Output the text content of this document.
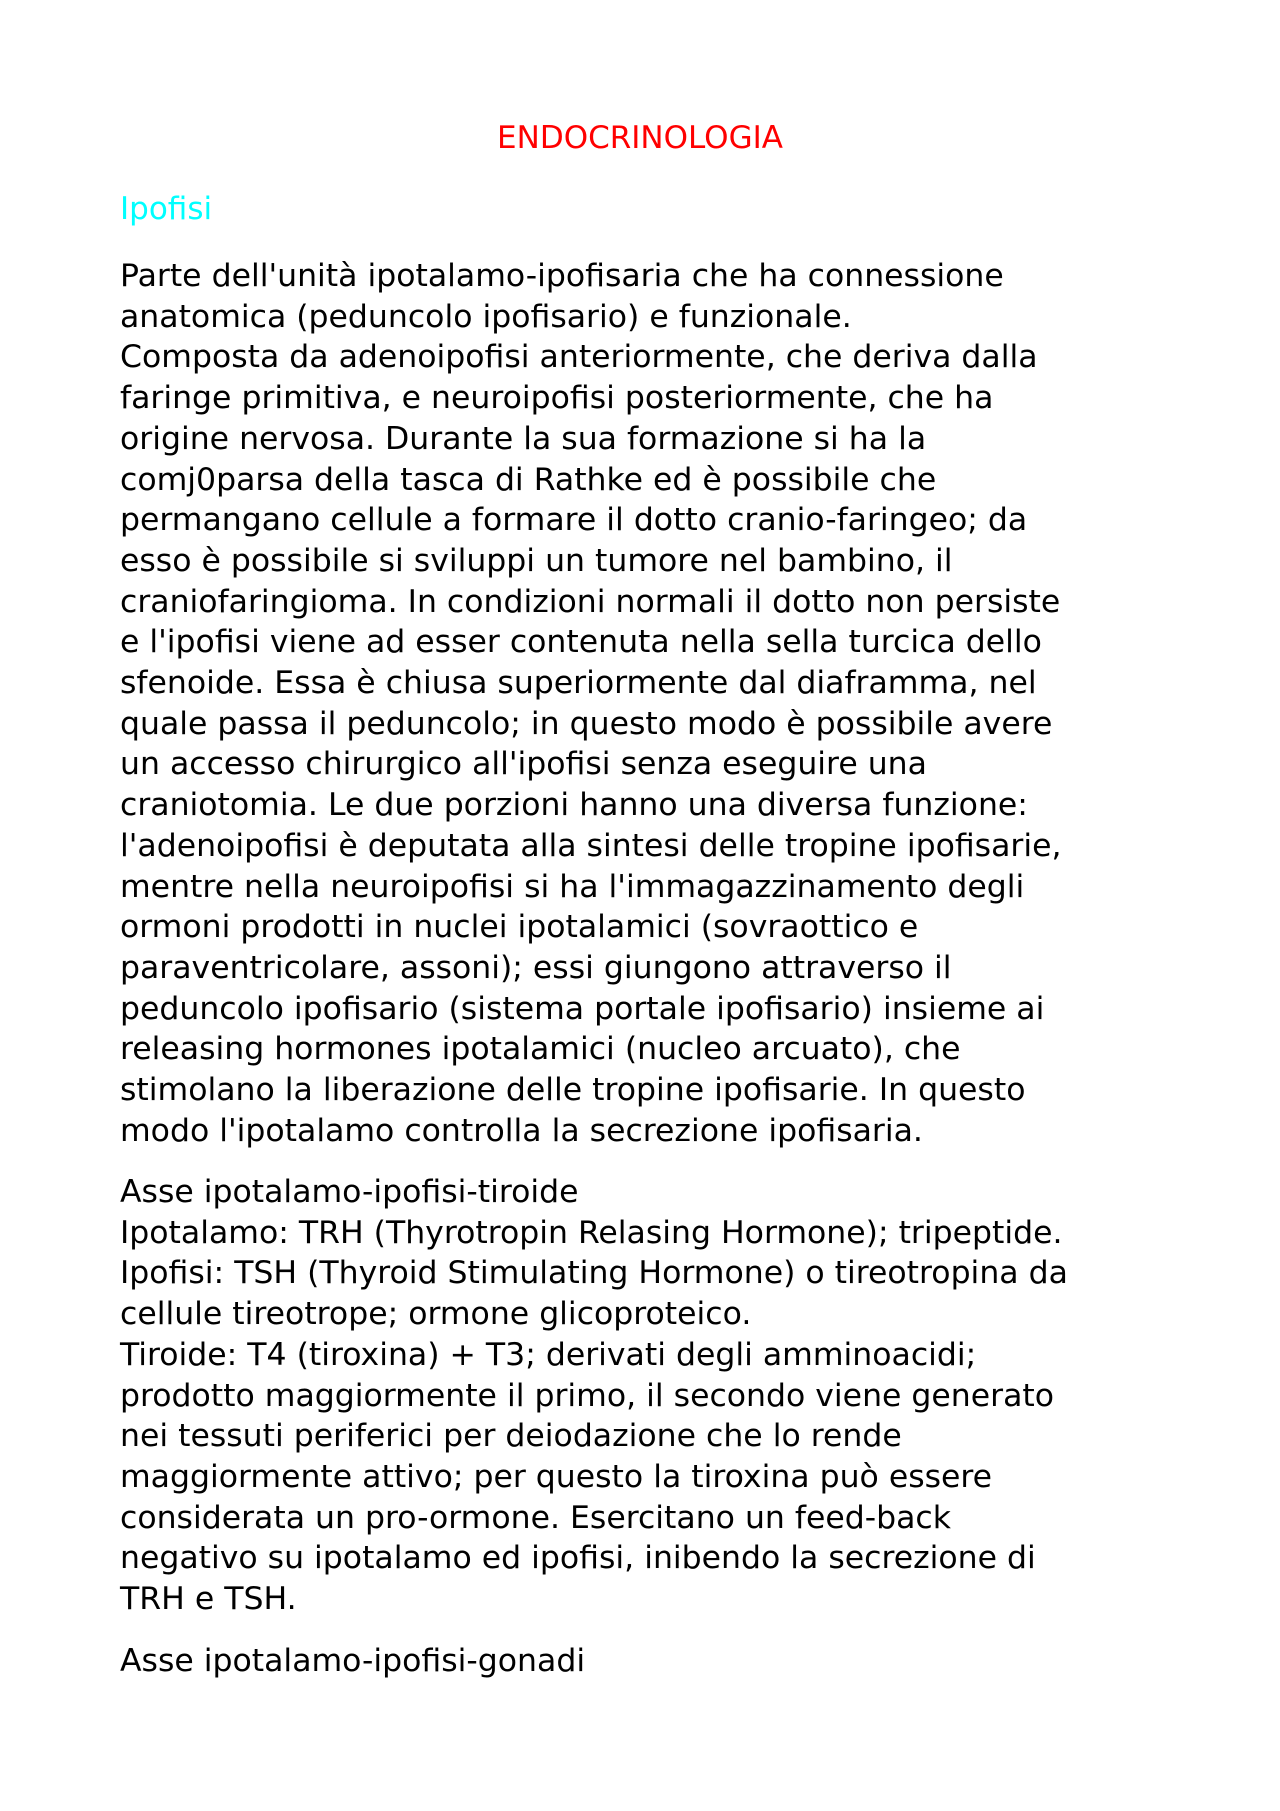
ENDOCRINOLOGIA
Ipofisi
Parte dell'unità ipotalamo-ipofisaria che ha connessione
anatomica (peduncolo ipofisario) e funzionale.
Composta da adenoipofisi anteriormente, che deriva dalla
faringe primitiva, e neuroipofisi posteriormente, che ha
origine nervosa. Durante la sua formazione si ha la
comj0parsa della tasca di Rathke ed è possibile che
permangano cellule a formare il dotto cranio-faringeo; da
esso è possibile si sviluppi un tumore nel bambino, il
craniofaringioma. In condizioni normali il dotto non persiste
e l'ipofisi viene ad esser contenuta nella sella turcica dello
sfenoide. Essa è chiusa superiormente dal diaframma, nel
quale passa il peduncolo; in questo modo è possibile avere
un accesso chirurgico all'ipofisi senza eseguire una
craniotomia. Le due porzioni hanno una diversa funzione:
l'adenoipofisi è deputata alla sintesi delle tropine ipofisarie,
mentre nella neuroipofisi si ha l'immagazzinamento degli
ormoni prodotti in nuclei ipotalamici (sovraottico e
paraventricolare, assoni); essi giungono attraverso il
peduncolo ipofisario (sistema portale ipofisario) insieme ai
releasing hormones ipotalamici (nucleo arcuato), che
stimolano la liberazione delle tropine ipofisarie. In questo
modo l'ipotalamo controlla la secrezione ipofisaria.
Asse ipotalamo-ipofisi-tiroide
Ipotalamo: TRH (Thyrotropin Relasing Hormone); tripeptide.
Ipofisi: TSH (Thyroid Stimulating Hormone) o tireotropina da
cellule tireotrope; ormone glicoproteico.
Tiroide: T4 (tiroxina) + T3; derivati degli amminoacidi;
prodotto maggiormente il primo, il secondo viene generato
nei tessuti periferici per deiodazione che lo rende
maggiormente attivo; per questo la tiroxina può essere
considerata un pro-ormone. Esercitano un feed-back
negativo su ipotalamo ed ipofisi, inibendo la secrezione di
TRH e TSH.
Asse ipotalamo-ipofisi-gonadi
